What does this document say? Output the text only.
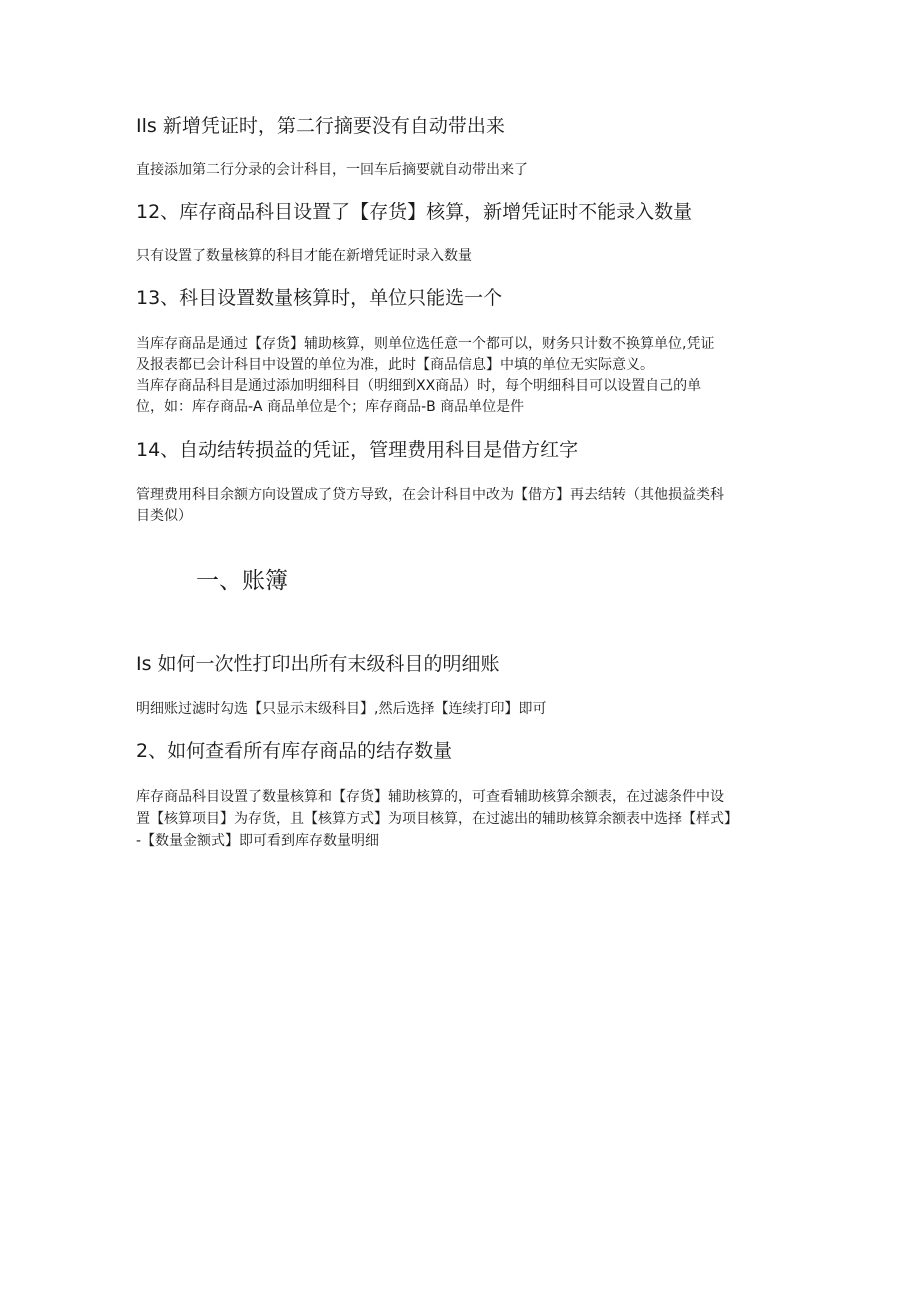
Ils 新增凭证时，第二行摘要没有自动带出来

直接添加第二行分录的会计科目，一回车后摘要就自动带出来了

12、库存商品科目设置了【存货】核算，新增凭证时不能录入数量

只有设置了数量核算的科目才能在新增凭证时录入数量

13、科目设置数量核算时，单位只能选一个

当库存商品是通过【存货】辅助核算，则单位选任意一个都可以，财务只计数不换算单位,凭证

及报表都已会计科目中设置的单位为准，此时【商品信息】中填的单位无实际意义。

当库存商品科目是通过添加明细科目（明细到XX商品）时，每个明细科目可以设置自己的单

位，如：库存商品-A 商品单位是个；库存商品-B 商品单位是件

14、自动结转损益的凭证，管理费用科目是借方红字

管理费用科目余额方向设置成了贷方导致，在会计科目中改为【借方】再去结转（其他损益类科

目类似）

一、账簿
Is 如何一次性打印出所有末级科目的明细账

明细账过滤时勾选【只显示末级科目】,然后选择【连续打印】即可

2、如何查看所有库存商品的结存数量

库存商品科目设置了数量核算和【存货】辅助核算的，可查看辅助核算余额表，在过滤条件中设

置【核算项目】为存货，且【核算方式】为项目核算，在过滤出的辅助核算余额表中选择【样式】

-【数量金额式】即可看到库存数量明细
